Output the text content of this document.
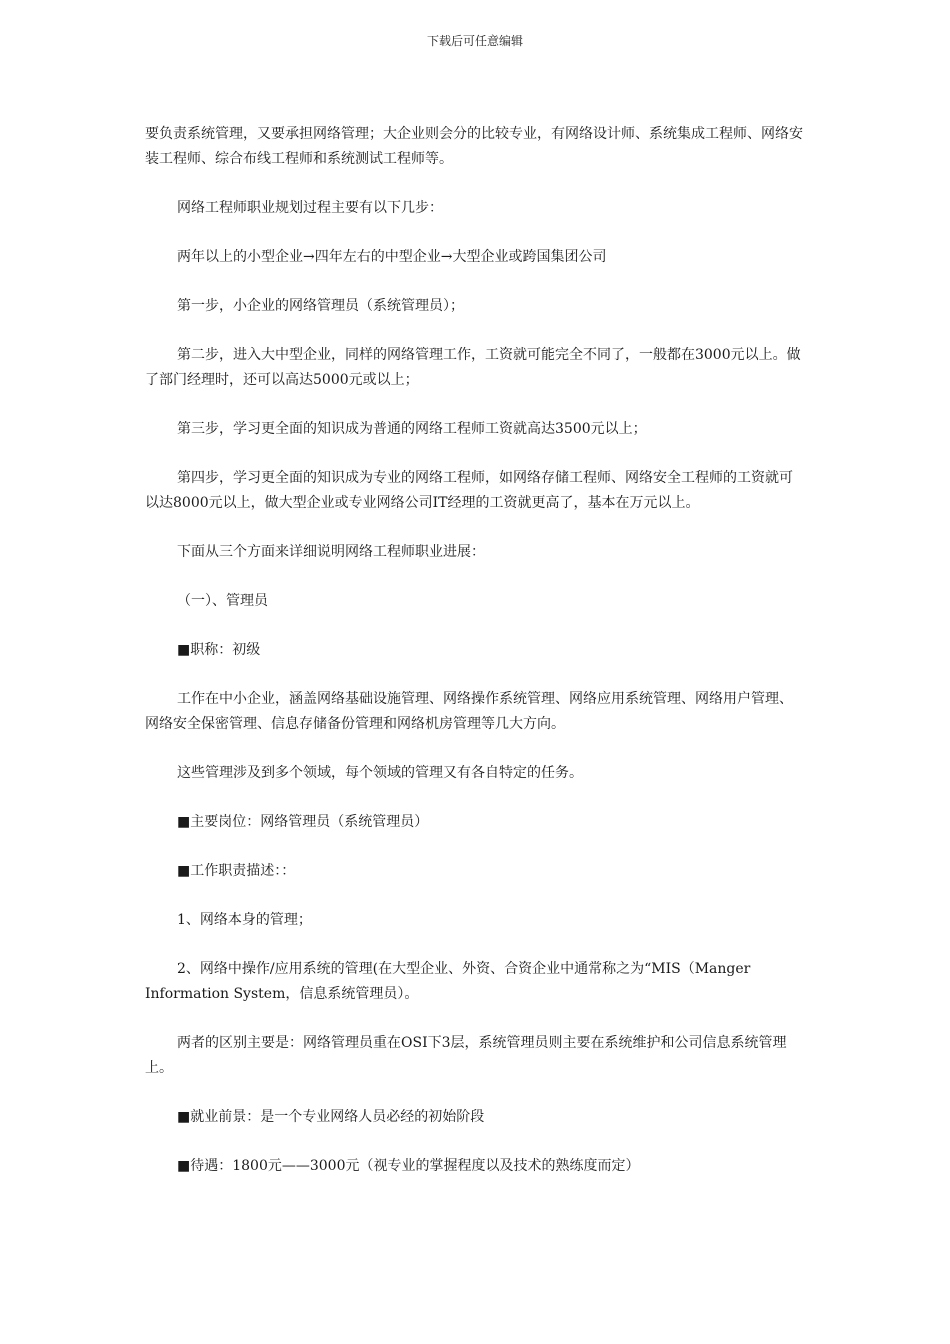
下载后可任意编辑

要负责系统管理，又要承担网络管理；大企业则会分的比较专业，有网络设计师、系统集成工程师、网络安装工程师、综合布线工程师和系统测试工程师等。

网络工程师职业规划过程主要有以下几步：

两年以上的小型企业→四年左右的中型企业→大型企业或跨国集团公司

第一步，小企业的网络管理员（系统管理员）；

第二步，进入大中型企业，同样的网络管理工作，工资就可能完全不同了，一般都在3000元以上。做了部门经理时，还可以高达5000元或以上；

第三步，学习更全面的知识成为普通的网络工程师工资就高达3500元以上；

第四步，学习更全面的知识成为专业的网络工程师，如网络存储工程师、网络安全工程师的工资就可以达8000元以上，做大型企业或专业网络公司IT经理的工资就更高了，基本在万元以上。

下面从三个方面来详细说明网络工程师职业进展：

（一）、管理员

■职称：初级

工作在中小企业，涵盖网络基础设施管理、网络操作系统管理、网络应用系统管理、网络用户管理、网络安全保密管理、信息存储备份管理和网络机房管理等几大方向。

这些管理涉及到多个领域，每个领域的管理又有各自特定的任务。

■主要岗位：网络管理员（系统管理员）

■工作职责描述：：

1、网络本身的管理；

2、网络中操作/应用系统的管理(在大型企业、外资、合资企业中通常称之为“MIS（Manger Information System，信息系统管理员）。

两者的区别主要是：网络管理员重在OSI下3层，系统管理员则主要在系统维护和公司信息系统管理上。

■就业前景：是一个专业网络人员必经的初始阶段

■待遇：1800元——3000元（视专业的掌握程度以及技术的熟练度而定）
